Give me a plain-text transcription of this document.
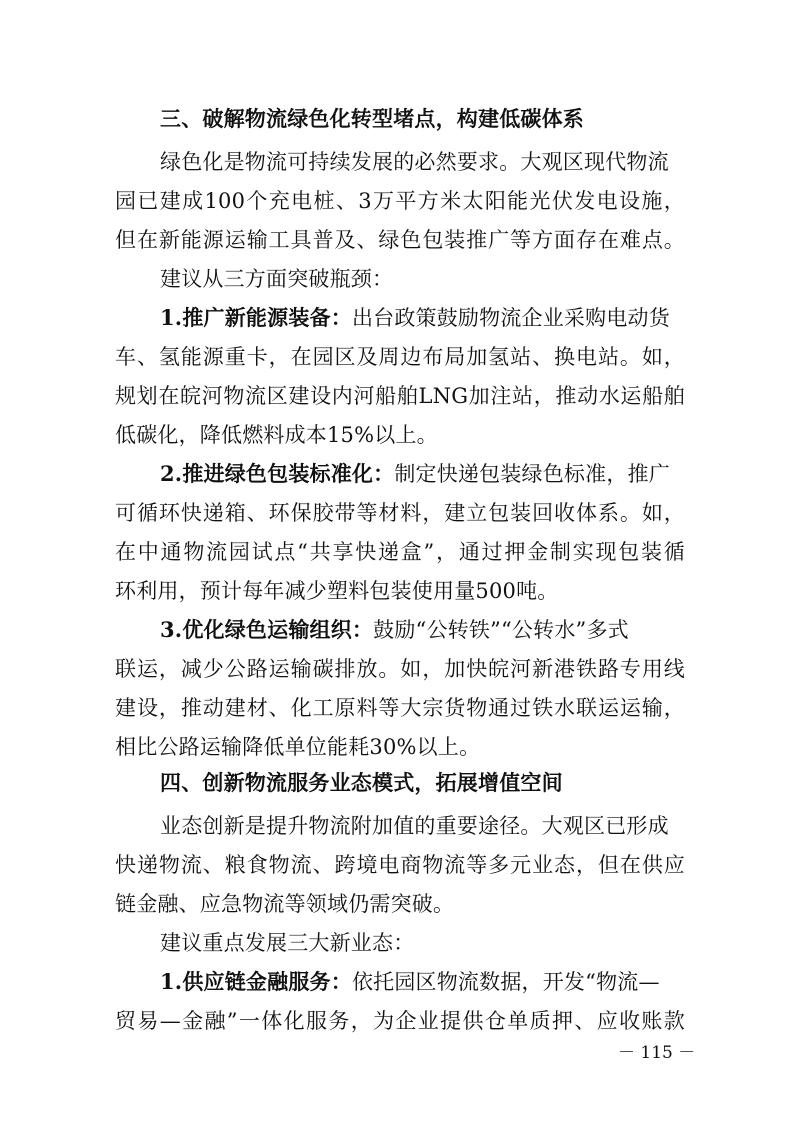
三、破解物流绿色化转型堵点，构建低碳体系
绿色化是物流可持续发展的必然要求。大观区现代物流
园已建成100个充电桩、3万平方米太阳能光伏发电设施，
但在新能源运输工具普及、绿色包装推广等方面存在难点。
建议从三方面突破瓶颈：
1.推广新能源装备：出台政策鼓励物流企业采购电动货
车、氢能源重卡，在园区及周边布局加氢站、换电站。如，
规划在皖河物流区建设内河船舶LNG加注站，推动水运船舶
低碳化，降低燃料成本15%以上。
2.推进绿色包装标准化：制定快递包装绿色标准，推广
可循环快递箱、环保胶带等材料，建立包装回收体系。如，
在中通物流园试点“共享快递盒”，通过押金制实现包装循
环利用，预计每年减少塑料包装使用量500吨。
3.优化绿色运输组织：鼓励“公转铁”“公转水”多式
联运，减少公路运输碳排放。如，加快皖河新港铁路专用线
建设，推动建材、化工原料等大宗货物通过铁水联运运输，
相比公路运输降低单位能耗30%以上。
四、创新物流服务业态模式，拓展增值空间
业态创新是提升物流附加值的重要途径。大观区已形成
快递物流、粮食物流、跨境电商物流等多元业态，但在供应
链金融、应急物流等领域仍需突破。
建议重点发展三大新业态：
1.供应链金融服务：依托园区物流数据，开发“物流—
贸易—金融”一体化服务，为企业提供仓单质押、应收账款
－ 115 －
